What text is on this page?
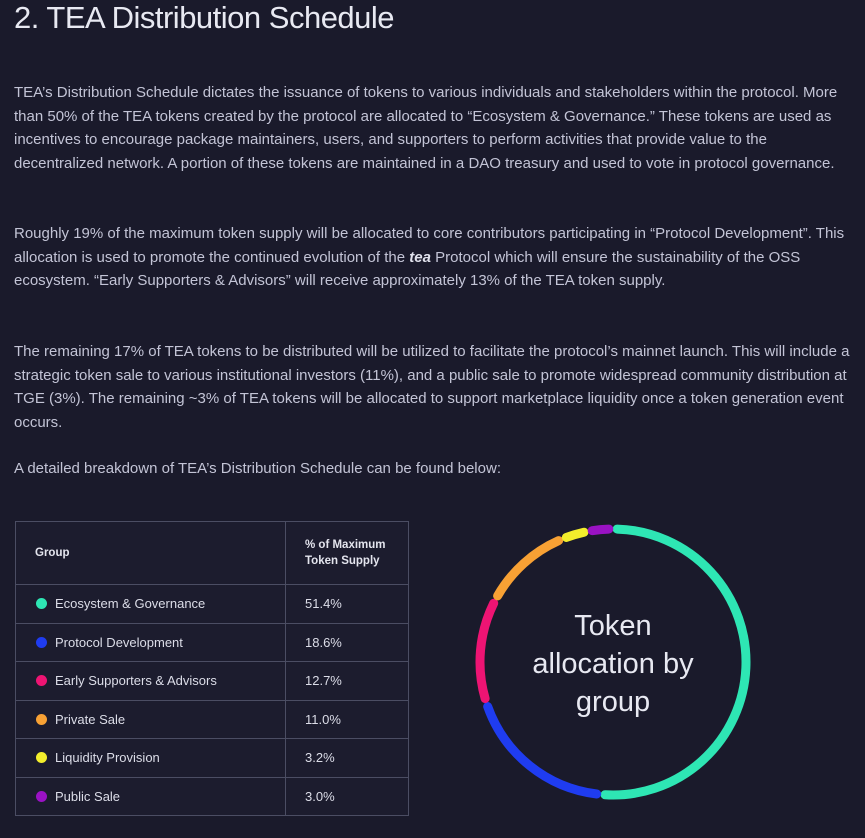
2. TEA Distribution Schedule

TEA’s Distribution Schedule dictates the issuance of tokens to various individuals and stakeholders within the protocol. More than 50% of the TEA tokens created by the protocol are allocated to “Ecosystem & Governance.” These tokens are used as incentives to encourage package maintainers, users, and supporters to perform activities that provide value to the decentralized network. A portion of these tokens are maintained in a DAO treasury and used to vote in protocol governance.

Roughly 19% of the maximum token supply will be allocated to core contributors participating in “Protocol Development”. This allocation is used to promote the continued evolution of the tea Protocol which will ensure the sustainability of the OSS ecosystem. “Early Supporters & Advisors” will receive approximately 13% of the TEA token supply.

The remaining 17% of TEA tokens to be distributed will be utilized to facilitate the protocol’s mainnet launch. This will include a strategic token sale to various institutional investors (11%), and a public sale to promote widespread community distribution at TGE (3%). The remaining ~3% of TEA tokens will be allocated to support marketplace liquidity once a token generation event occurs.

A detailed breakdown of TEA’s Distribution Schedule can be found below:

Group	% of Maximum
Token Supply
Ecosystem & Governance	51.4%
Protocol Development	18.6%
Early Supporters & Advisors	12.7%
Private Sale	11.0%
Liquidity Provision	3.2%
Public Sale	3.0%
Token
allocation by
group
